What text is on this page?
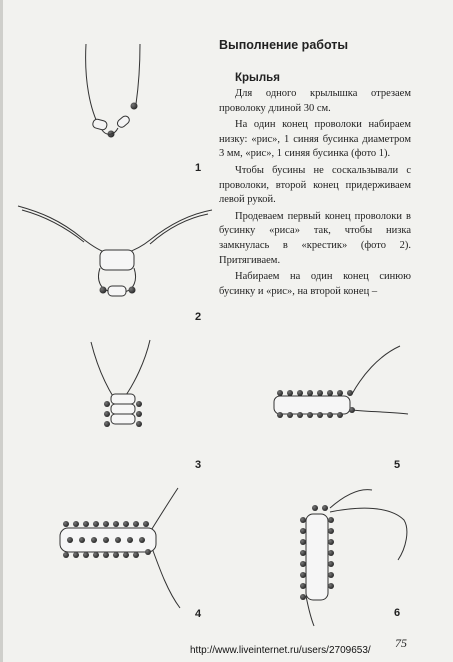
1
2
3
4
5
6
Выполнение работы
Крылья

Для одного крылышка отрезаем проволоку длиной 30 см.

На один конец проволоки набираем низку: «рис», 1 синяя бусинка диаметром 3 мм, «рис», 1 синяя бусинка (фото 1).

Чтобы бусины не соскальзывали с проволоки, второй конец придерживаем левой рукой.

Продеваем первый конец проволоки в бусинку «риса» так, чтобы низка замкнулась в «крестик» (фото 2). Притягиваем.

Набираем на один конец синюю бусинку и «рис», на второй конец –

75
http://www.liveinternet.ru/users/2709653/
